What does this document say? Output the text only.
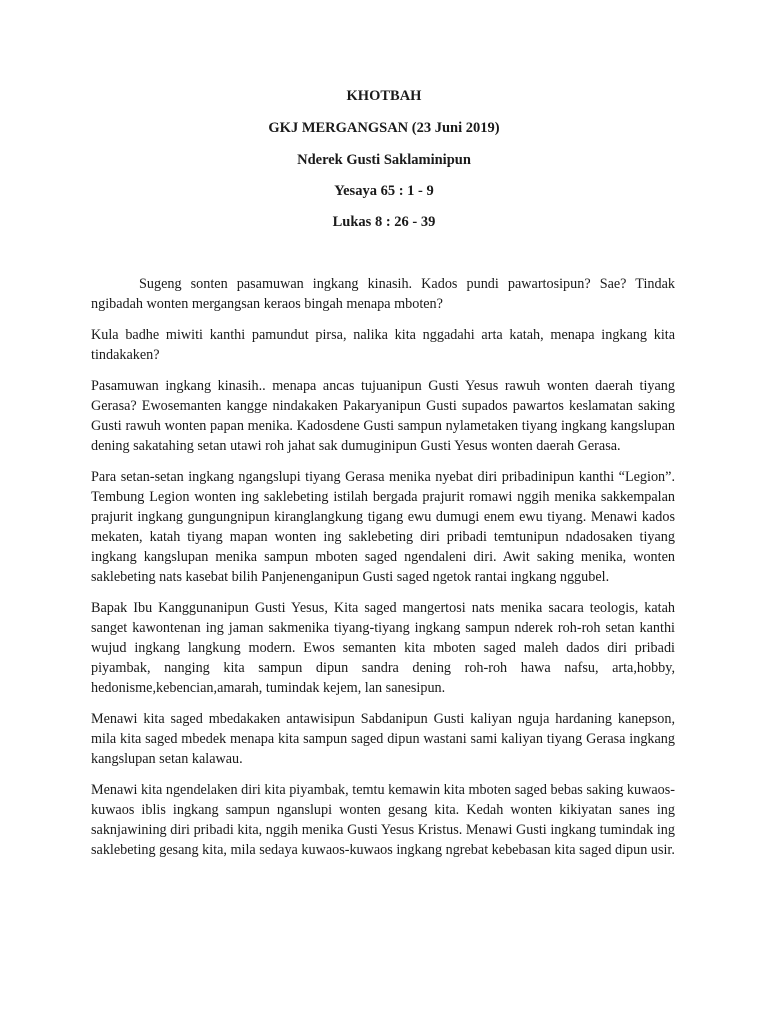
KHOTBAH
GKJ MERGANGSAN (23 Juni 2019)
Nderek Gusti Saklaminipun
Yesaya 65 : 1 - 9
Lukas 8 : 26 - 39

Sugeng sonten pasamuwan ingkang kinasih. Kados pundi pawartosipun? Sae? Tindak ngibadah wonten mergangsan keraos bingah menapa mboten?

Kula badhe miwiti kanthi pamundut pirsa, nalika kita nggadahi arta katah, menapa ingkang kita tindakaken?

Pasamuwan ingkang kinasih.. menapa ancas tujuanipun Gusti Yesus rawuh wonten daerah tiyang Gerasa? Ewosemanten kangge nindakaken Pakaryanipun Gusti supados pawartos keslamatan saking Gusti rawuh wonten papan menika. Kadosdene Gusti sampun nylametaken tiyang ingkang kangslupan dening sakatahing setan utawi roh jahat sak dumuginipun Gusti Yesus wonten daerah Gerasa.

Para setan-setan ingkang ngangslupi tiyang Gerasa menika nyebat diri pribadinipun kanthi “Legion”. Tembung Legion wonten ing saklebeting istilah bergada prajurit romawi nggih menika sakkempalan prajurit ingkang gungungnipun kiranglangkung tigang ewu dumugi enem ewu tiyang. Menawi kados mekaten, katah tiyang mapan wonten ing saklebeting diri pribadi temtunipun ndadosaken tiyang ingkang kangslupan menika sampun mboten saged ngendaleni diri. Awit saking menika, wonten saklebeting nats kasebat bilih Panjenenganipun Gusti saged ngetok rantai ingkang nggubel.

Bapak Ibu Kanggunanipun Gusti Yesus, Kita saged mangertosi nats menika sacara teologis, katah sanget kawontenan ing jaman sakmenika tiyang-tiyang ingkang sampun nderek roh-roh setan kanthi wujud ingkang langkung modern. Ewos semanten kita mboten saged maleh dados diri pribadi piyambak, nanging kita sampun dipun sandra dening roh-roh hawa nafsu, arta,hobby, hedonisme,kebencian,amarah, tumindak kejem, lan sanesipun.

Menawi kita saged mbedakaken antawisipun Sabdanipun Gusti kaliyan nguja hardaning kanepson, mila kita saged mbedek menapa kita sampun saged dipun wastani sami kaliyan tiyang Gerasa ingkang kangslupan setan kalawau.

Menawi kita ngendelaken diri kita piyambak, temtu kemawin kita mboten saged bebas saking kuwaos-kuwaos iblis ingkang sampun nganslupi wonten gesang kita. Kedah wonten kikiyatan sanes ing saknjawining diri pribadi kita, nggih menika Gusti Yesus Kristus. Menawi Gusti ingkang tumindak ing saklebeting gesang kita, mila sedaya kuwaos-kuwaos ingkang ngrebat kebebasan kita saged dipun usir.
